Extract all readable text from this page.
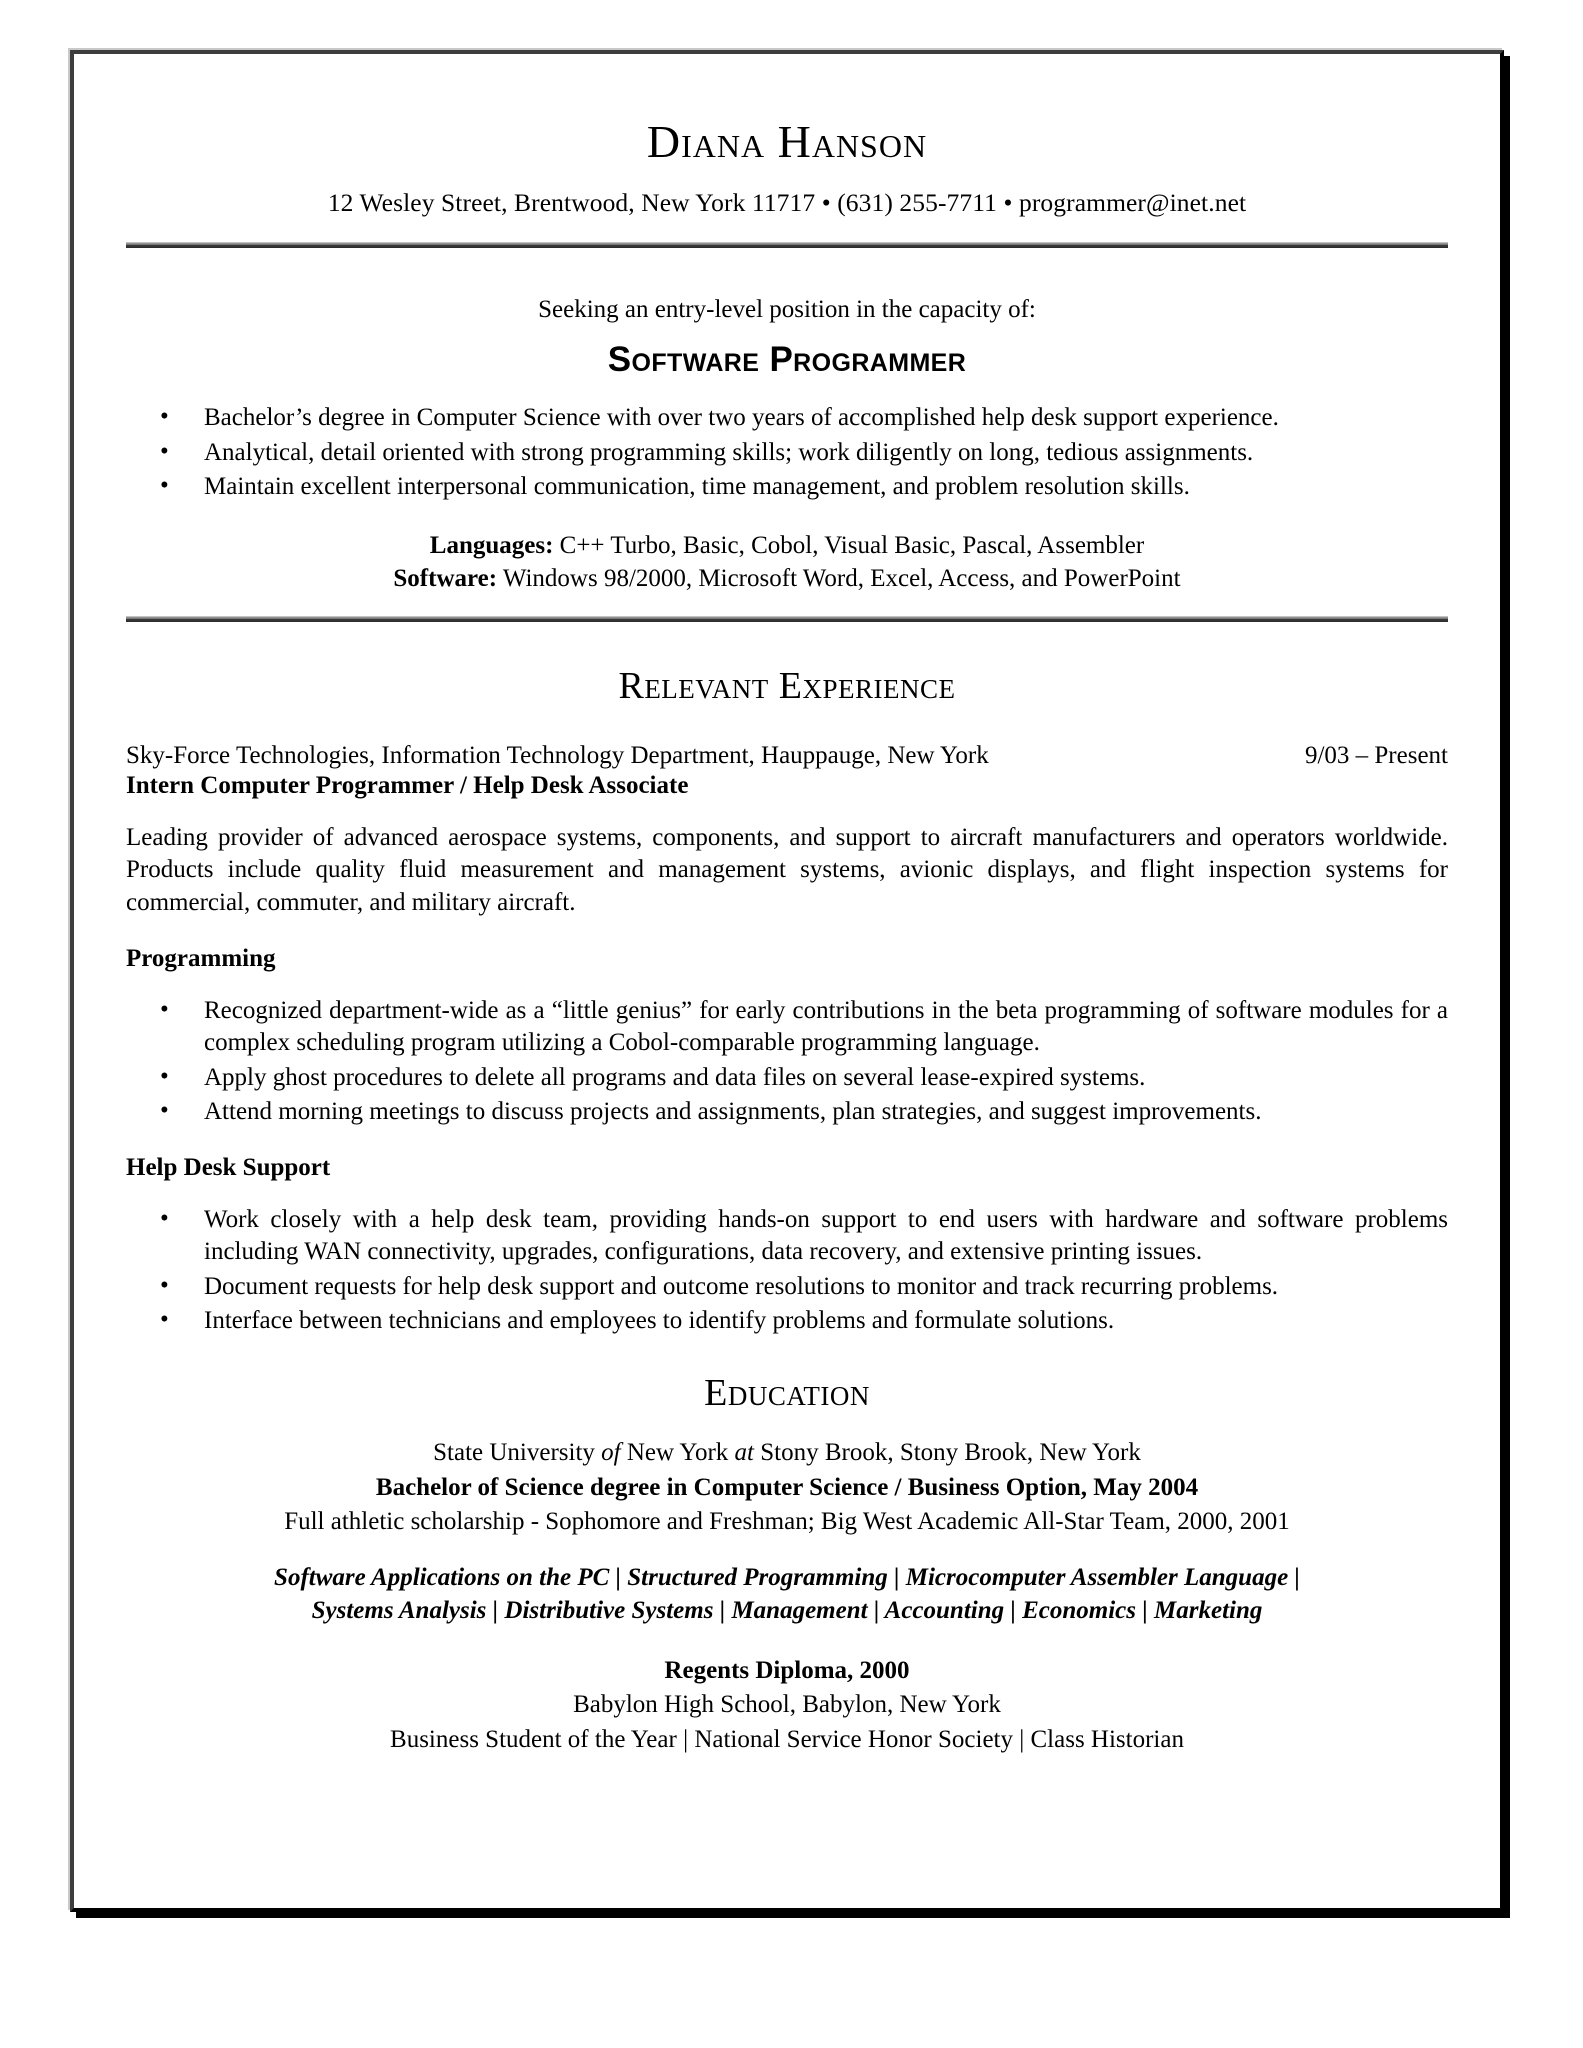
Diana Hanson
12 Wesley Street, Brentwood, New York 11717 • (631) 255-7711 • programmer@inet.net
Seeking an entry-level position in the capacity of:
Software Programmer
• Bachelor’s degree in Computer Science with over two years of accomplished help desk support experience.
• Analytical, detail oriented with strong programming skills; work diligently on long, tedious assignments.
• Maintain excellent interpersonal communication, time management, and problem resolution skills.
Languages: C++ Turbo, Basic, Cobol, Visual Basic, Pascal, Assembler
Software: Windows 98/2000, Microsoft Word, Excel, Access, and PowerPoint
Relevant Experience
Sky-Force Technologies, Information Technology Department, Hauppauge, New York	9/03 – Present
Intern Computer Programmer / Help Desk Associate
Leading provider of advanced aerospace systems, components, and support to aircraft manufacturers and operators worldwide. Products include quality fluid measurement and management systems, avionic displays, and flight inspection systems for commercial, commuter, and military aircraft.
Programming
• Recognized department-wide as a “little genius” for early contributions in the beta programming of software modules for a complex scheduling program utilizing a Cobol-comparable programming language.
• Apply ghost procedures to delete all programs and data files on several lease-expired systems.
• Attend morning meetings to discuss projects and assignments, plan strategies, and suggest improvements.
Help Desk Support
• Work closely with a help desk team, providing hands-on support to end users with hardware and software problems including WAN connectivity, upgrades, configurations, data recovery, and extensive printing issues.
• Document requests for help desk support and outcome resolutions to monitor and track recurring problems.
• Interface between technicians and employees to identify problems and formulate solutions.
Education
State University of New York at Stony Brook, Stony Brook, New York
Bachelor of Science degree in Computer Science / Business Option, May 2004
Full athletic scholarship - Sophomore and Freshman; Big West Academic All-Star Team, 2000, 2001
Software Applications on the PC | Structured Programming | Microcomputer Assembler Language |
Systems Analysis | Distributive Systems | Management | Accounting | Economics | Marketing
Regents Diploma, 2000
Babylon High School, Babylon, New York
Business Student of the Year | National Service Honor Society | Class Historian
